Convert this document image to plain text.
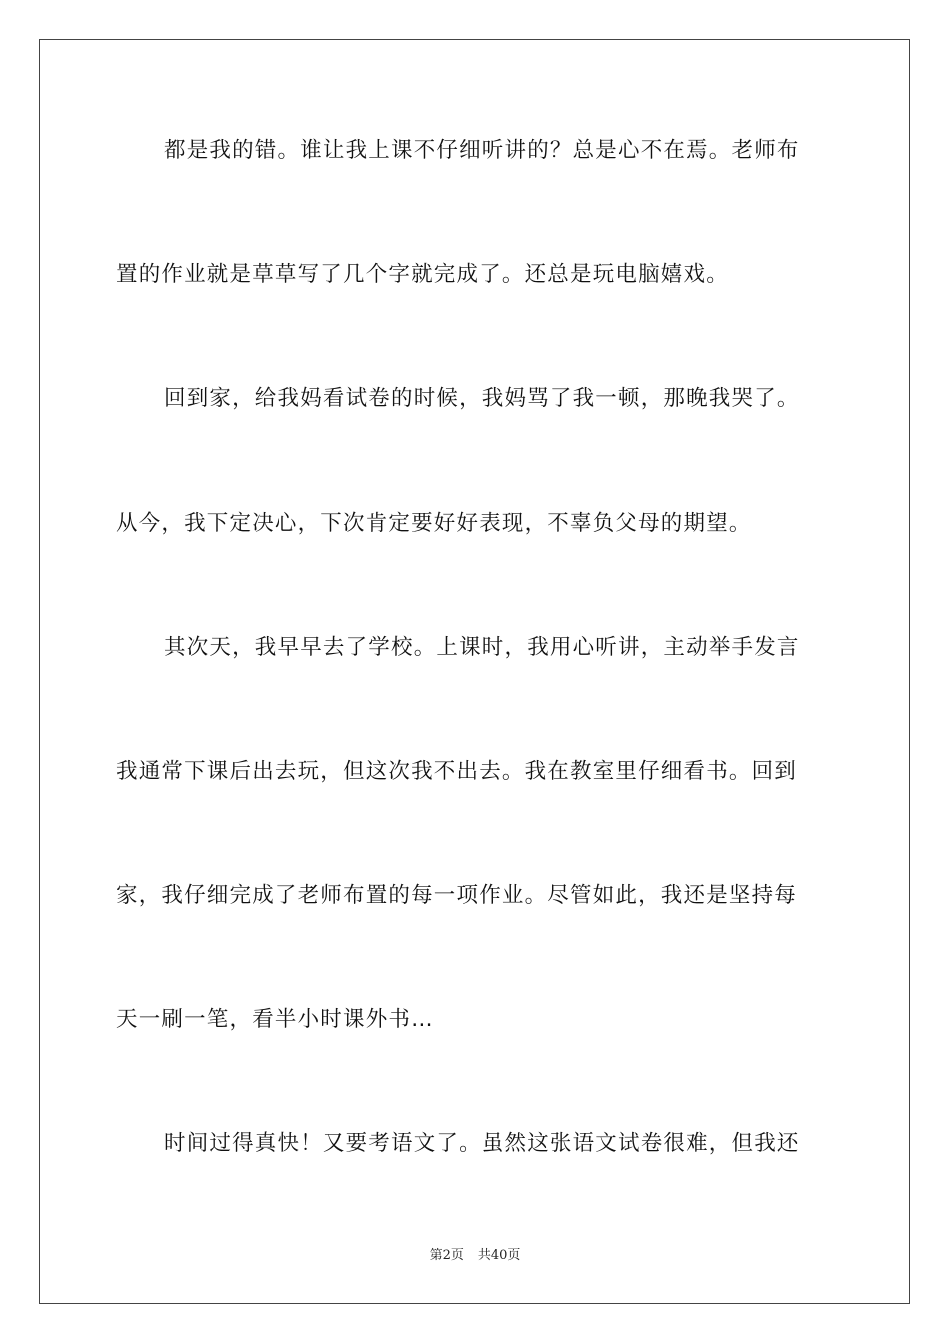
都是我的错。谁让我上课不仔细听讲的？总是心不在焉。老师布
置的作业就是草草写了几个字就完成了。还总是玩电脑嬉戏。
回到家，给我妈看试卷的时候，我妈骂了我一顿，那晚我哭了。
从今，我下定决心，下次肯定要好好表现，不辜负父母的期望。
其次天，我早早去了学校。上课时，我用心听讲，主动举手发言
我通常下课后出去玩，但这次我不出去。我在教室里仔细看书。回到
家，我仔细完成了老师布置的每一项作业。尽管如此，我还是坚持每
天一刷一笔，看半小时课外书…
时间过得真快！又要考语文了。虽然这张语文试卷很难，但我还
第2页 共40页
